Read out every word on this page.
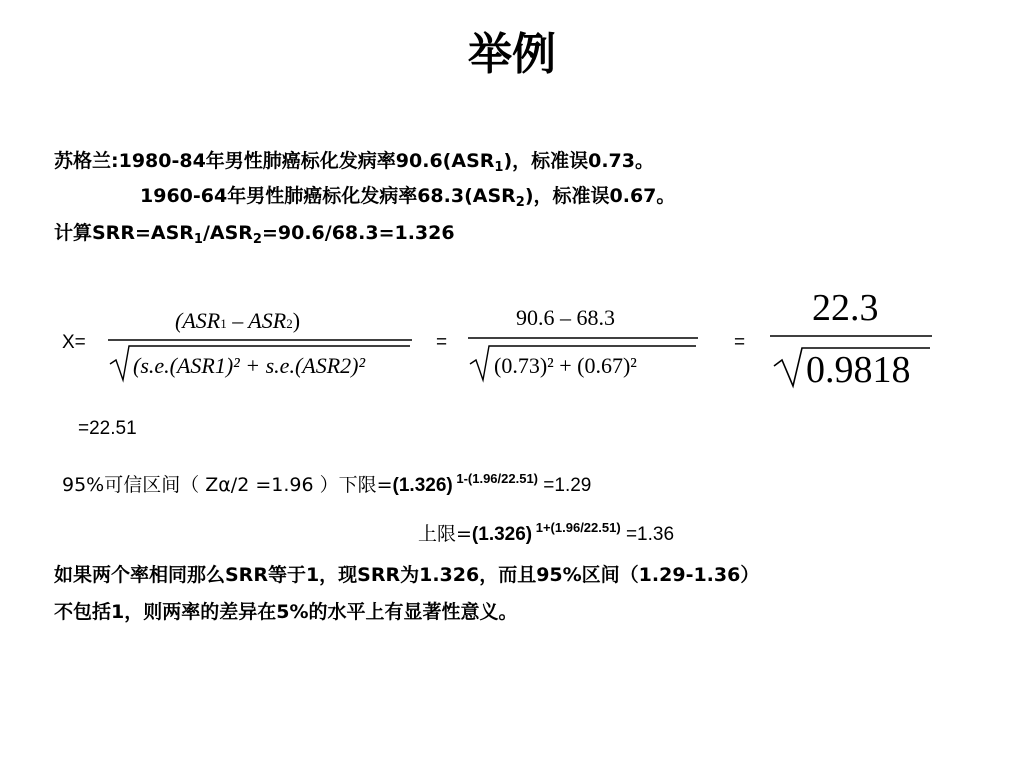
举例
苏格兰:1980-84年男性肺癌标化发病率$90.6(ASR_1)$，标准误0.73。
1960-64年男性肺癌标化发病率$68.3(ASR_2)$，标准误0.67。
计算$SRR=ASR_1/ASR_2=90.6/68.3=1.326$
X=
(ASR1 – ASR2)
(s.e.(ASR1)² + s.e.(ASR2)²
=
90.6 – 68.3
(0.73)² + (0.67)²
=
22.3
0.9818
=22.51
95%可信区间（ Zα/2 =1.96 ）下限=(1.326) $^{1-(1.96/22.51)}$ =1.29
上限=(1.326) $^{1+(1.96/22.51)}$ =1.36
如果两个率相同那么SRR等于1，现SRR为1.326，而且95%区间（1.29-1.36）
不包括1，则两率的差异在5%的水平上有显著性意义。
